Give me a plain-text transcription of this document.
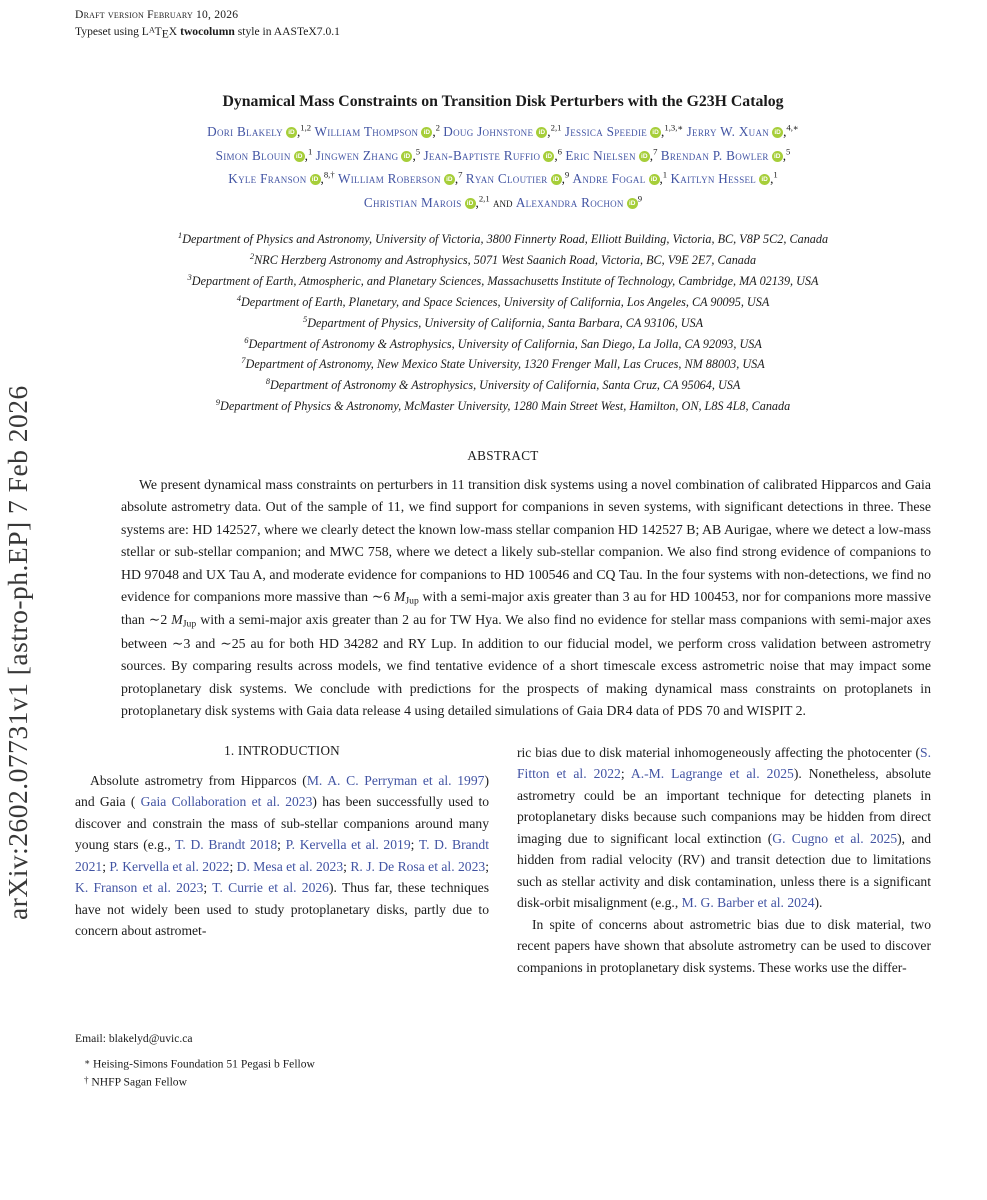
arXiv:2602.07731v1 [astro-ph.EP] 7 Feb 2026
Draft version February 10, 2026
Typeset using $L^ATEX$ twocolumn style in AASTeX7.0.1
Dynamical Mass Constraints on Transition Disk Perturbers with the G23H Catalog
Dori Blakely iD ,$^{1,2}$ William Thompson iD ,$^2$ Doug Johnstone iD ,$^{2,1}$ Jessica Speedie iD ,$^{1,3,∗}$ Jerry W. Xuan iD ,$^{4,∗}$
Simon Blouin iD ,$^1$ Jingwen Zhang iD ,$^5$ Jean-Baptiste Ruffio iD ,$^6$ Eric Nielsen iD ,$^7$ Brendan P. Bowler iD ,$^5$
Kyle Franson iD ,$^{8,\dagger}$ William Roberson iD ,$^7$ Ryan Cloutier iD ,$^9$ Andre Fogal iD ,$^1$ Kaitlyn Hessel iD ,$^1$
Christian Marois iD ,$^{2,1}$ and Alexandra Rochon iD $^9$
$^1$Department of Physics and Astronomy, University of Victoria, 3800 Finnerty Road, Elliott Building, Victoria, BC, V8P 5C2, Canada
$^2$NRC Herzberg Astronomy and Astrophysics, 5071 West Saanich Road, Victoria, BC, V9E 2E7, Canada
$^3$Department of Earth, Atmospheric, and Planetary Sciences, Massachusetts Institute of Technology, Cambridge, MA 02139, USA
$^4$Department of Earth, Planetary, and Space Sciences, University of California, Los Angeles, CA 90095, USA
$^5$Department of Physics, University of California, Santa Barbara, CA 93106, USA
$^6$Department of Astronomy & Astrophysics, University of California, San Diego, La Jolla, CA 92093, USA
$^7$Department of Astronomy, New Mexico State University, 1320 Frenger Mall, Las Cruces, NM 88003, USA
$^8$Department of Astronomy & Astrophysics, University of California, Santa Cruz, CA 95064, USA
$^9$Department of Physics & Astronomy, McMaster University, 1280 Main Street West, Hamilton, ON, L8S 4L8, Canada
ABSTRACT

We present dynamical mass constraints on perturbers in 11 transition disk systems using a novel combination of calibrated Hipparcos and Gaia absolute astrometry data. Out of the sample of 11, we find support for companions in seven systems, with significant detections in three. These systems are: HD 142527, where we clearly detect the known low-mass stellar companion HD 142527 B; AB Aurigae, where we detect a low-mass stellar or sub-stellar companion; and MWC 758, where we detect a likely sub-stellar companion. We also find strong evidence of companions to HD 97048 and UX Tau A, and moderate evidence for companions to HD 100546 and CQ Tau. In the four systems with non-detections, we find no evidence for companions more massive than ∼6 MJup with a semi-major axis greater than 3 au for HD 100453, nor for companions more massive than ∼2 MJup with a semi-major axis greater than 2 au for TW Hya. We also find no evidence for stellar mass companions with semi-major axes between ∼3 and ∼25 au for both HD 34282 and RY Lup. In addition to our fiducial model, we perform cross validation between astrometry sources. By comparing results across models, we find tentative evidence of a short timescale excess astrometric noise that may impact some protoplanetary disk systems. We conclude with predictions for the prospects of making dynamical mass constraints on protoplanets in protoplanetary disk systems with Gaia data release 4 using detailed simulations of Gaia DR4 data of PDS 70 and WISPIT 2.

1. INTRODUCTION

Absolute astrometry from Hipparcos (M. A. C. Perryman et al. 1997) and Gaia ( Gaia Collaboration et al. 2023) has been successfully used to discover and constrain the mass of sub-stellar companions around many young stars (e.g., T. D. Brandt 2018; P. Kervella et al. 2019; T. D. Brandt 2021; P. Kervella et al. 2022; D. Mesa et al. 2023; R. J. De Rosa et al. 2023; K. Franson et al. 2023; T. Currie et al. 2026). Thus far, these techniques have not widely been used to study protoplanetary disks, partly due to concern about astromet-

Email: blakelyd@uvic.ca
∗ Heising-Simons Foundation 51 Pegasi b Fellow
† NHFP Sagan Fellow

ric bias due to disk material inhomogeneously affecting the photocenter (S. Fitton et al. 2022; A.-M. Lagrange et al. 2025). Nonetheless, absolute astrometry could be an important technique for detecting planets in protoplanetary disks because such companions may be hidden from direct imaging due to significant local extinction (G. Cugno et al. 2025), and hidden from radial velocity (RV) and transit detection due to limitations such as stellar activity and disk contamination, unless there is a significant disk-orbit misalignment (e.g., M. G. Barber et al. 2024).

In spite of concerns about astrometric bias due to disk material, two recent papers have shown that absolute astrometry can be used to discover companions in protoplanetary disk systems. These works use the differ-
